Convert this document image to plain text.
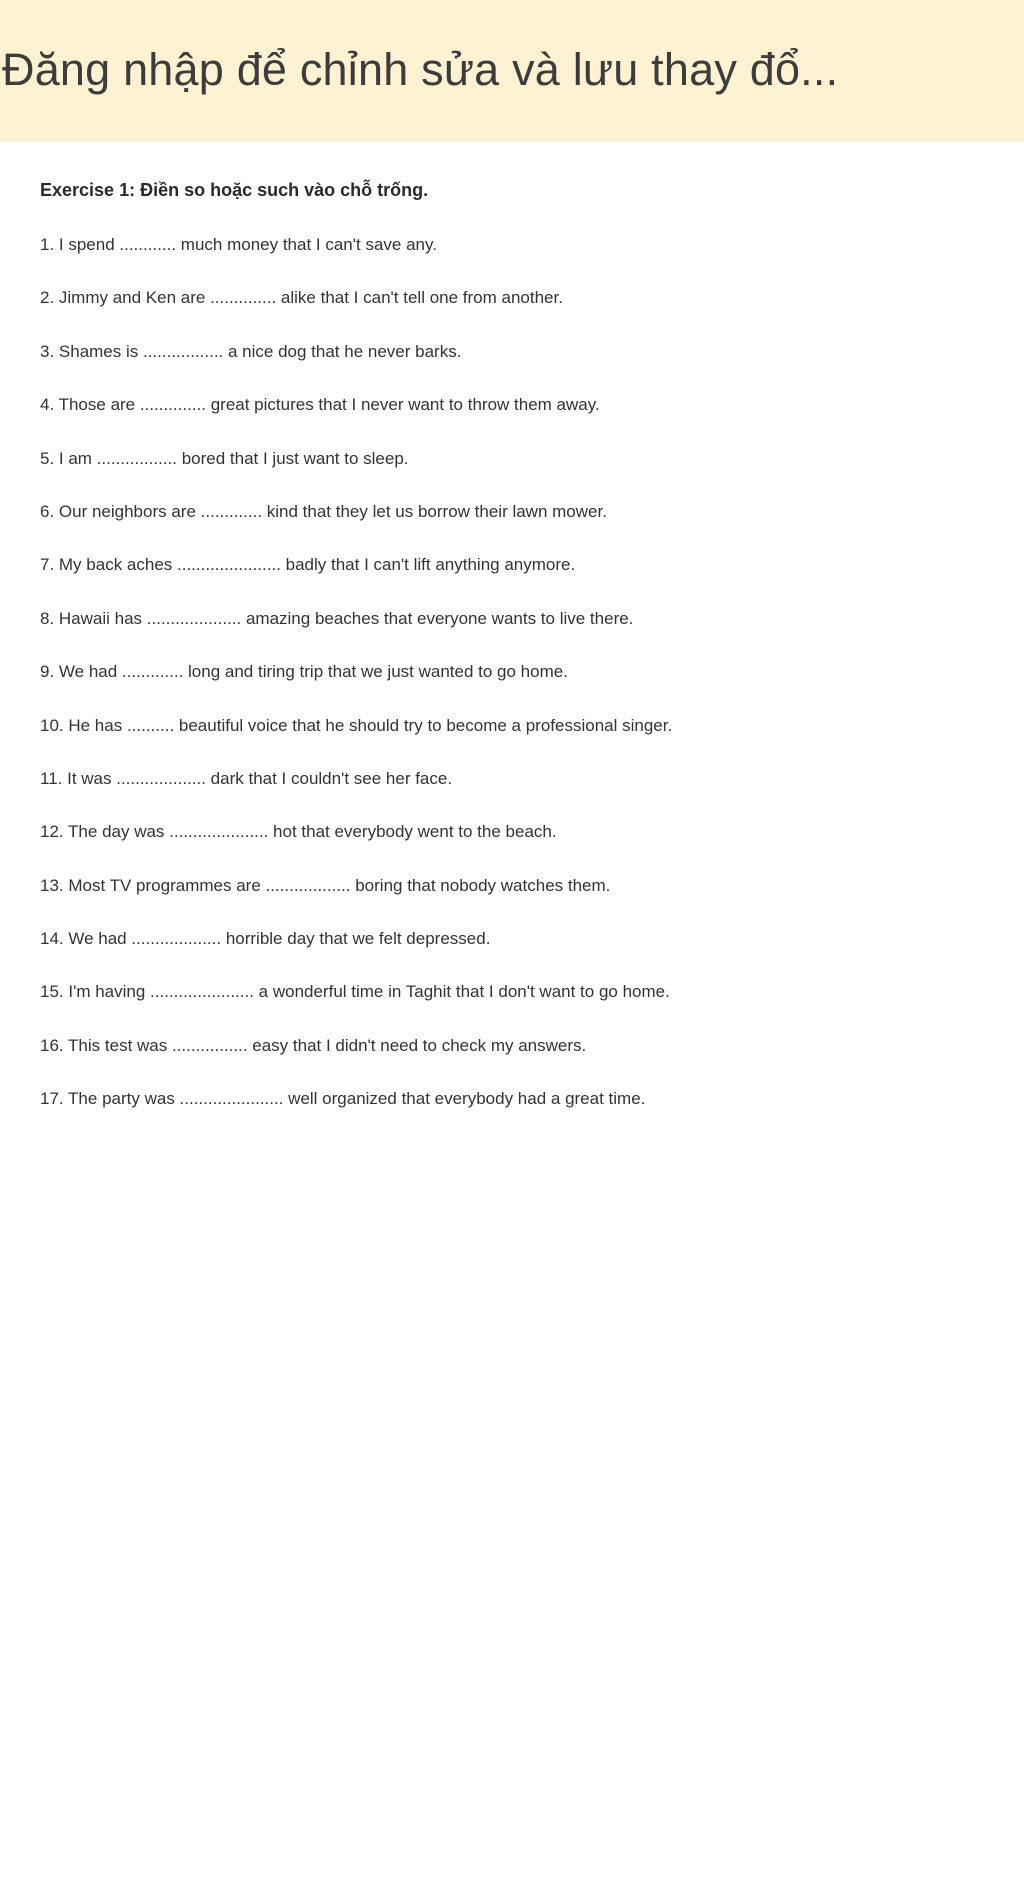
Đăng nhập để chỉnh sửa và lưu thay đổ...
Exercise 1: Điền so hoặc such vào chỗ trống.
1. I spend ............ much money that I can't save any.
2. Jimmy and Ken are .............. alike that I can't tell one from another.
3. Shames is ................. a nice dog that he never barks.
4. Those are .............. great pictures that I never want to throw them away.
5. I am ................. bored that I just want to sleep.
6. Our neighbors are ............. kind that they let us borrow their lawn mower.
7. My back aches ...................... badly that I can't lift anything anymore.
8. Hawaii has .................... amazing beaches that everyone wants to live there.
9. We had ............. long and tiring trip that we just wanted to go home.
10. He has .......... beautiful voice that he should try to become a professional singer.
11. It was ................... dark that I couldn't see her face.
12. The day was ..................... hot that everybody went to the beach.
13. Most TV programmes are .................. boring that nobody watches them.
14. We had ................... horrible day that we felt depressed.
15. I'm having ...................... a wonderful time in Taghit that I don't want to go home.
16. This test was ................ easy that I didn't need to check my answers.
17. The party was ...................... well organized that everybody had a great time.
